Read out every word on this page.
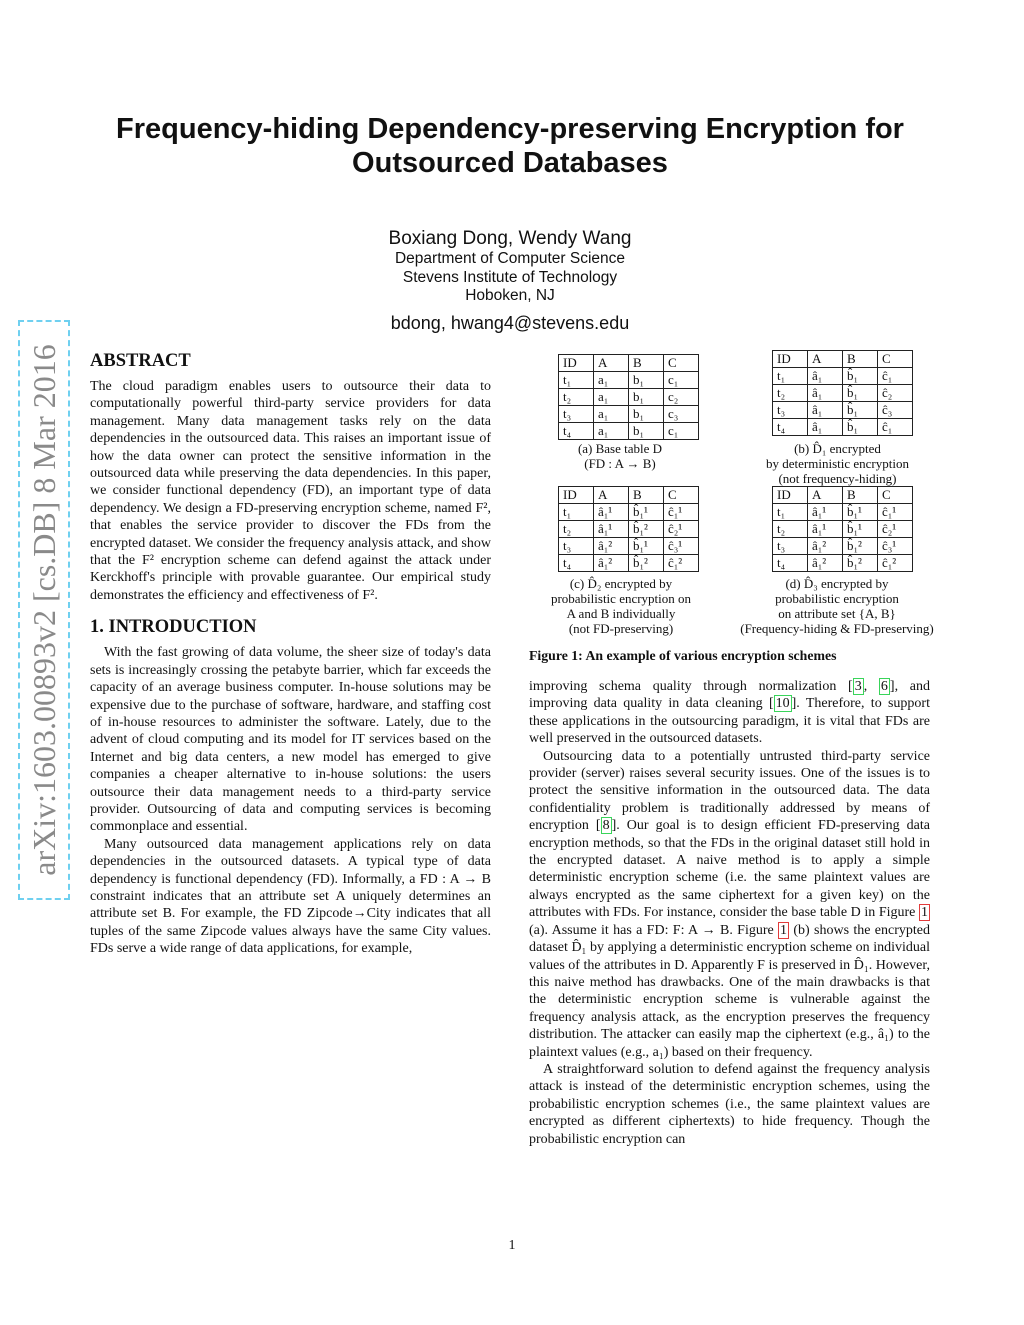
arXiv:1603.00893v2 [cs.DB] 8 Mar 2016
Frequency-hiding Dependency-preserving Encryption for
Outsourced Databases
Boxiang Dong, Wendy Wang
Department of Computer Science
Stevens Institute of Technology
Hoboken, NJ
bdong, hwang4@stevens.edu
ABSTRACT

The cloud paradigm enables users to outsource their data to computationally powerful third-party service providers for data management. Many data management tasks rely on the data dependencies in the outsourced data. This raises an important issue of how the data owner can protect the sensitive information in the outsourced data while preserving the data dependencies. In this paper, we consider functional dependency (FD), an important type of data dependency. We design a FD-preserving encryption scheme, named F², that enables the service provider to discover the FDs from the encrypted dataset. We consider the frequency analysis attack, and show that the F² encryption scheme can defend against the attack under Kerckhoff's principle with provable guarantee. Our empirical study demonstrates the efficiency and effectiveness of F².

1. INTRODUCTION

With the fast growing of data volume, the sheer size of today's data sets is increasingly crossing the petabyte barrier, which far exceeds the capacity of an average business computer. In-house solutions may be expensive due to the purchase of software, hardware, and staffing cost of in-house resources to administer the software. Lately, due to the advent of cloud computing and its model for IT services based on the Internet and big data centers, a new model has emerged to give companies a cheaper alternative to in-house solutions: the users outsource their data management needs to a third-party service provider. Outsourcing of data and computing services is becoming commonplace and essential.

Many outsourced data management applications rely on data dependencies in the outsourced datasets. A typical type of data dependency is functional dependency (FD). Informally, a FD : A → B constraint indicates that an attribute set A uniquely determines an attribute set B. For example, the FD Zipcode→City indicates that all tuples of the same Zipcode values always have the same City values. FDs serve a wide range of data applications, for example,

ID	A	B	C
t₁	a₁	b₁	c₁
t₂	a₁	b₁	c₂
t₃	a₁	b₁	c₃
t₄	a₁	b₁	c₁
(a) Base table D
(FD : A → B)
ID	A	B	C
t₁	â₁	b̂₁	ĉ₁
t₂	â₁	b̂₁	ĉ₂
t₃	â₁	b̂₁	ĉ₃
t₄	â₁	b̂₁	ĉ₁
(b) D̂₁ encrypted
by deterministic encryption
(not frequency-hiding)
ID	A	B	C
t₁	â₁¹	b̂₁¹	ĉ₁¹
t₂	â₁¹	b̂₁²	ĉ₂¹
t₃	â₁²	b̂₁¹	ĉ₃¹
t₄	â₁²	b̂₁²	ĉ₁²
(c) D̂₂ encrypted by
probabilistic encryption on
A and B individually
(not FD-preserving)
ID	A	B	C
t₁	â₁¹	b̂₁¹	ĉ₁¹
t₂	â₁¹	b̂₁¹	ĉ₂¹
t₃	â₁²	b̂₁²	ĉ₃¹
t₄	â₁²	b̂₁²	ĉ₁²
(d) D̂₃ encrypted by
probabilistic encryption
on attribute set {A, B}
(Frequency-hiding & FD-preserving)
Figure 1: An example of various encryption schemes

improving schema quality through normalization [ 3 , 6 ], and improving data quality in data cleaning [ 10 ]. Therefore, to support these applications in the outsourcing paradigm, it is vital that FDs are well preserved in the outsourced datasets.

Outsourcing data to a potentially untrusted third-party service provider (server) raises several security issues. One of the issues is to protect the sensitive information in the outsourced data. The data confidentiality problem is traditionally addressed by means of encryption [ 8 ]. Our goal is to design efficient FD-preserving data encryption methods, so that the FDs in the original dataset still hold in the encrypted dataset. A naive method is to apply a simple deterministic encryption scheme (i.e. the same plaintext values are always encrypted as the same ciphertext for a given key) on the attributes with FDs. For instance, consider the base table D in Figure 1 (a). Assume it has a FD: F: A → B. Figure 1 (b) shows the encrypted dataset D̂₁ by applying a deterministic encryption scheme on individual values of the attributes in D. Apparently F is preserved in D̂₁. However, this naive method has drawbacks. One of the main drawbacks is that the deterministic encryption scheme is vulnerable against the frequency analysis attack, as the encryption preserves the frequency distribution. The attacker can easily map the ciphertext (e.g., â₁) to the plaintext values (e.g., a₁) based on their frequency.

A straightforward solution to defend against the frequency analysis attack is instead of the deterministic encryption schemes, using the probabilistic encryption schemes (i.e., the same plaintext values are encrypted as different ciphertexts) to hide frequency. Though the probabilistic encryption can

1
